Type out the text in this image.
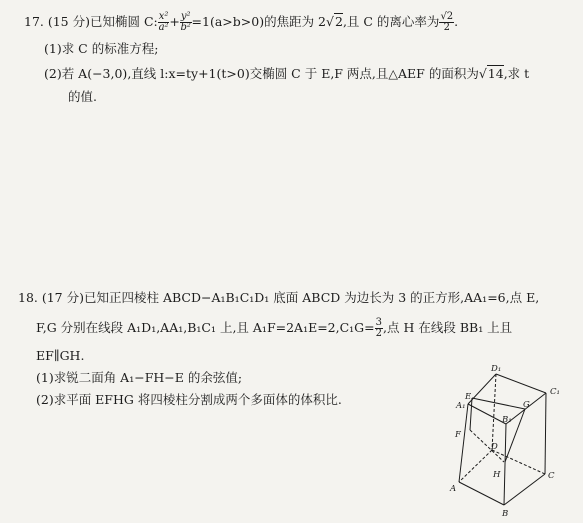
17. (15 分)已知椭圆 C: $\frac{\text{x²}}{\text{a²}} + \frac{\text{y²}}{\text{b²}} =1(a>b>0)$的焦距为 2√2,且 C 的离心率为 $\frac{√2}{2}$ .
(1)求 C 的标准方程;
(2)若 A(−3,0),直线 l:x=ty+1(t>0)交椭圆 C 于 E,F 两点,且△AEF 的面积为√14,求 t
的值.
18. (17 分)已知正四棱柱 ABCD−A₁B₁C₁D₁ 底面 ABCD 为边长为 3 的正方形,AA₁=6,点 E,
F,G 分别在线段 A₁D₁,AA₁,B₁C₁ 上,且 $A_1F=2A_1E=2,C_1G= \frac{3}{2}$ ,点 H 在线段 BB₁ 上且
EF∥GH.
(1)求锐二面角 A₁−FH−E 的余弦值;
(2)求平面 EFHG 将四棱柱分割成两个多面体的体积比.
D₁
C₁
A₁
E
G
B₁
F
D
H	C
A
B
